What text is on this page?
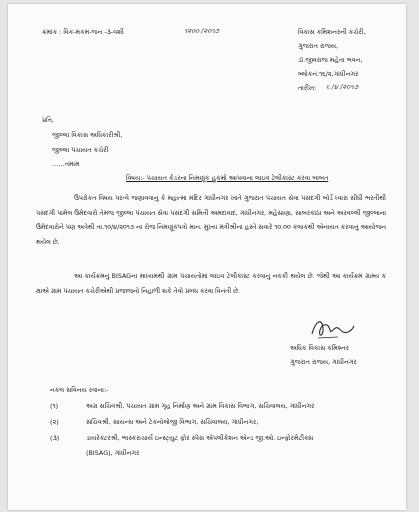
ક્રમાંક : વિક-મકમ-જન -૩-વશી	૧૨૦૦ /૨૦૧૭	વિકાસ કમિશનરની કચેરી,
ગુજરાત રાજય,
ડૉ.જીવરાજ મહેતા ભવન,
બ્લોકનં.૧૬/૨,ગાંધીનગર
તારીખ: ૬ /૪ /૨૦૧૭
પ્રતિ,
જીલ્લા વિકાસ અધિકારીશ્રી,
જીલ્લા પંચાયત કચેરી
……તમામ
વિષય:- પંચાયત કેડરના નિમણૂંક હુકમો આપવાના લાઇવ ટેલીકાસ્ટ કરવા બાબત
ઉપરોકત વિષય પરત્વે જણાવવાનું કે મહાત્મા મંદિર ગાંધીનગર ખાતે ગુજરાત પંચાયત સેવા પસંદગી બોર્ડ ધ્વારા સીધી ભરતીથી પસંદગી પામેલ ઉમેદવારો તેમજ જીલ્લા પંચાયત સેવા પસંદગી સમિતી અમદાવાદ, ગાંધીનગર, મહેસાણા, સાબરકાંઠા અને અરવલ્લી જીલ્લાના ઉમેદવારોને પણ અત્રેથી તા.૧૦/૪/૨૦૧૭ ના રોજ નિમણૂંકપત્રો માન. મુખ્ય મંત્રીશ્રીના હસ્તે સવારે ૧૦.૦૦ કલાકથી એનાયત કરવાનું આયોજન થયેલ છે.
આ કાર્યક્રમનું BISAGના માધ્યમથી ગ્રામ પંચાયતોમાં લાઇવ ટેલીકાસ્ટ કરવાનું નકકી થયેલ છે. જેથી આ કાર્યક્રમ ગ્રામ્ય કક્ષાએ ગ્રામ પંચાયત કચેરીએથી પ્રજાજનો નિહાળી શકે તેવો પ્રબંધ કરવા વિનંતી છે.
અધિક વિકાસ કમિશ્નર
ગુજરાત રાજય, ગાંધીનગર
નકલ સવિનય રવાના:-
(૧)	અગ્ર સચિવશ્રી, પંચાયત ગ્રામ ગૃહ નિર્માણ અને ગ્રામ વિકાસ વિભાગ, સચિવાલય, ગાંધીનગર
(૨)	સચિવશ્રી, સાયન્સ અને ટેકનોલોજી વિભાગ, સચિવાલય, ગાંધીનગર,
(૩)	ડાયરેક્ટરશ્રી, ભાસ્કરાચાર્ય ઇન્સ્ટ્યુટ ફોર સ્પેસ એપલીકેશન એન્ડ જી.ઓ. ઇન્ફોરમેટીક્સ
(BISAG), ગાંધીનગર
